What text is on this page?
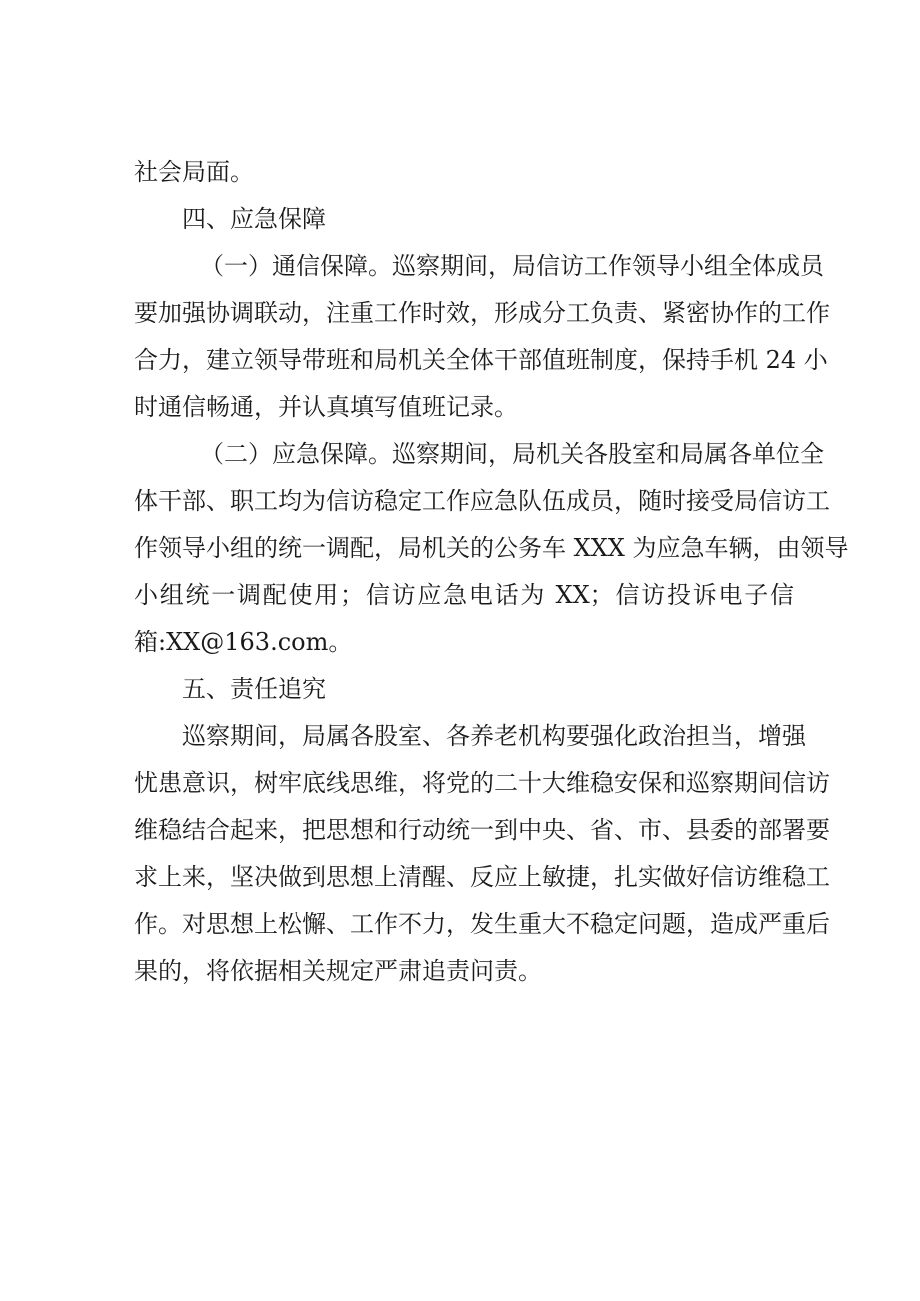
社会局面。
四、应急保障
（一）通信保障。巡察期间，局信访工作领导小组全体成员
要加强协调联动，注重工作时效，形成分工负责、紧密协作的工作
合力，建立领导带班和局机关全体干部值班制度，保持手机 24 小
时通信畅通，并认真填写值班记录。
（二）应急保障。巡察期间，局机关各股室和局属各单位全
体干部、职工均为信访稳定工作应急队伍成员，随时接受局信访工
作领导小组的统一调配，局机关的公务车 XXX 为应急车辆，由领导
小组统一调配使用；信访应急电话为 XX；信访投诉电子信
箱:XX@163.com。
五、责任追究
巡察期间，局属各股室、各养老机构要强化政治担当，增强
忧患意识，树牢底线思维，将党的二十大维稳安保和巡察期间信访
维稳结合起来，把思想和行动统一到中央、省、市、县委的部署要
求上来，坚决做到思想上清醒、反应上敏捷，扎实做好信访维稳工
作。对思想上松懈、工作不力，发生重大不稳定问题，造成严重后
果的，将依据相关规定严肃追责问责。
